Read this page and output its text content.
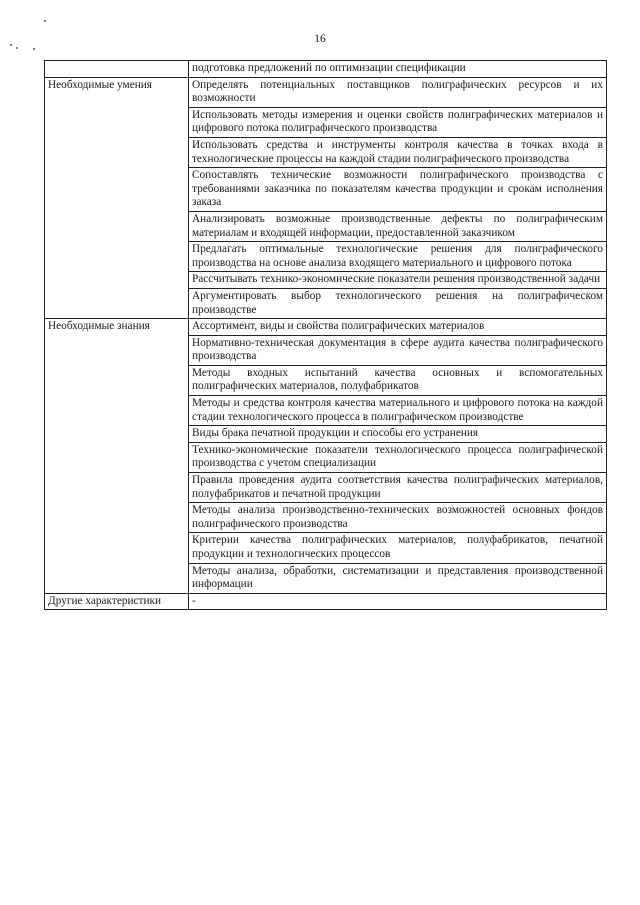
16
	подготовка предложений по оптимизации спецификации
Необходимые умения	Определять потенциальных поставщиков полиграфических ресурсов и их возможности
	Использовать методы измерения и оценки свойств полиграфических материалов и цифрового потока полиграфического производства
	Использовать средства и инструменты контроля качества в точках входа в технологические процессы на каждой стадии полиграфического производства
	Сопоставлять технические возможности полиграфического производства с требованиями заказчика по показателям качества продукции и срокам исполнения заказа
	Анализировать возможные производственные дефекты по полиграфическим материалам и входящей информации, предоставленной заказчиком
	Предлагать оптимальные технологические решения для полиграфического производства на основе анализа входящего материального и цифрового потока
	Рассчитывать технико-экономические показатели решения производственной задачи
	Аргументировать выбор технологического решения на полиграфическом производстве
Необходимые знания	Ассортимент, виды и свойства полиграфических материалов
	Нормативно-техническая документация в сфере аудита качества полиграфического производства
	Методы входных испытаний качества основных и вспомогательных полиграфических материалов, полуфабрикатов
	Методы и средства контроля качества материального и цифрового потока на каждой стадии технологического процесса в полиграфическом производстве
	Виды брака печатной продукции и способы его устранения
	Технико-экономические показатели технологического процесса полиграфической производства с учетом специализации
	Правила проведения аудита соответствия качества полиграфических материалов, полуфабрикатов и печатной продукции
	Методы анализа производственно-технических возможностей основных фондов полиграфического производства
	Критерии качества полиграфических материалов, полуфабрикатов, печатной продукции и технологических процессов
	Методы анализа, обработки, систематизации и представления производственной информации
Другие характеристики	-
